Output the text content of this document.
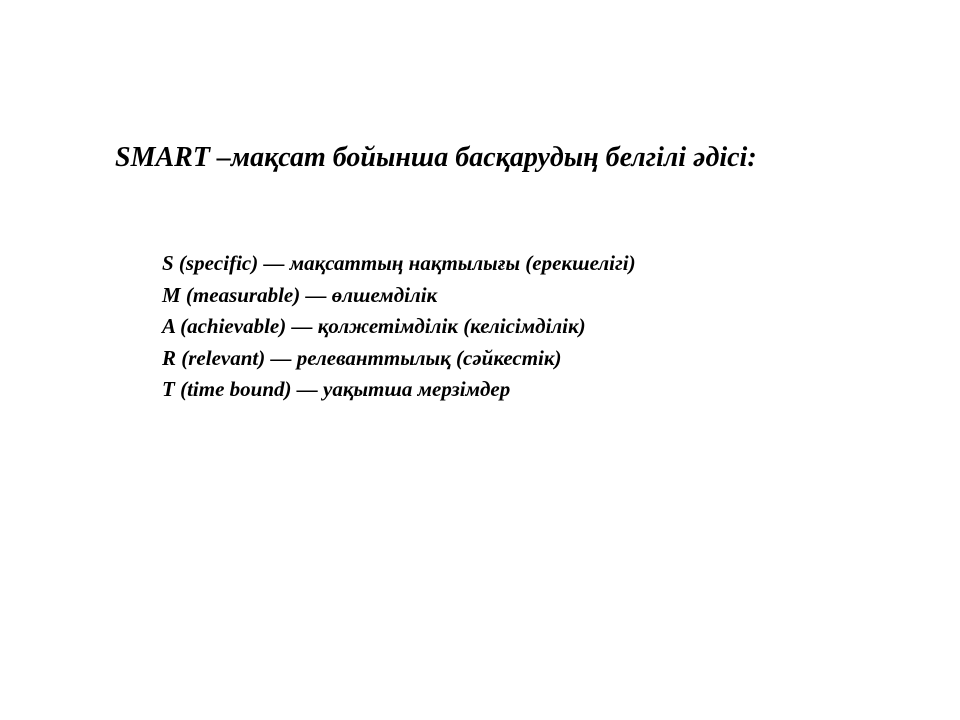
SMART –мақсат бойынша басқарудың белгілі әдісі:
S (specific) — мақсаттың нақтылығы (ерекшелігі)
M (measurable) — өлшемділік
A (achievable) — қолжетімділік (келісімділік)
R (relevant) — релеванттылық (сәйкестік)
T (time bound) — уақытша мерзімдер
